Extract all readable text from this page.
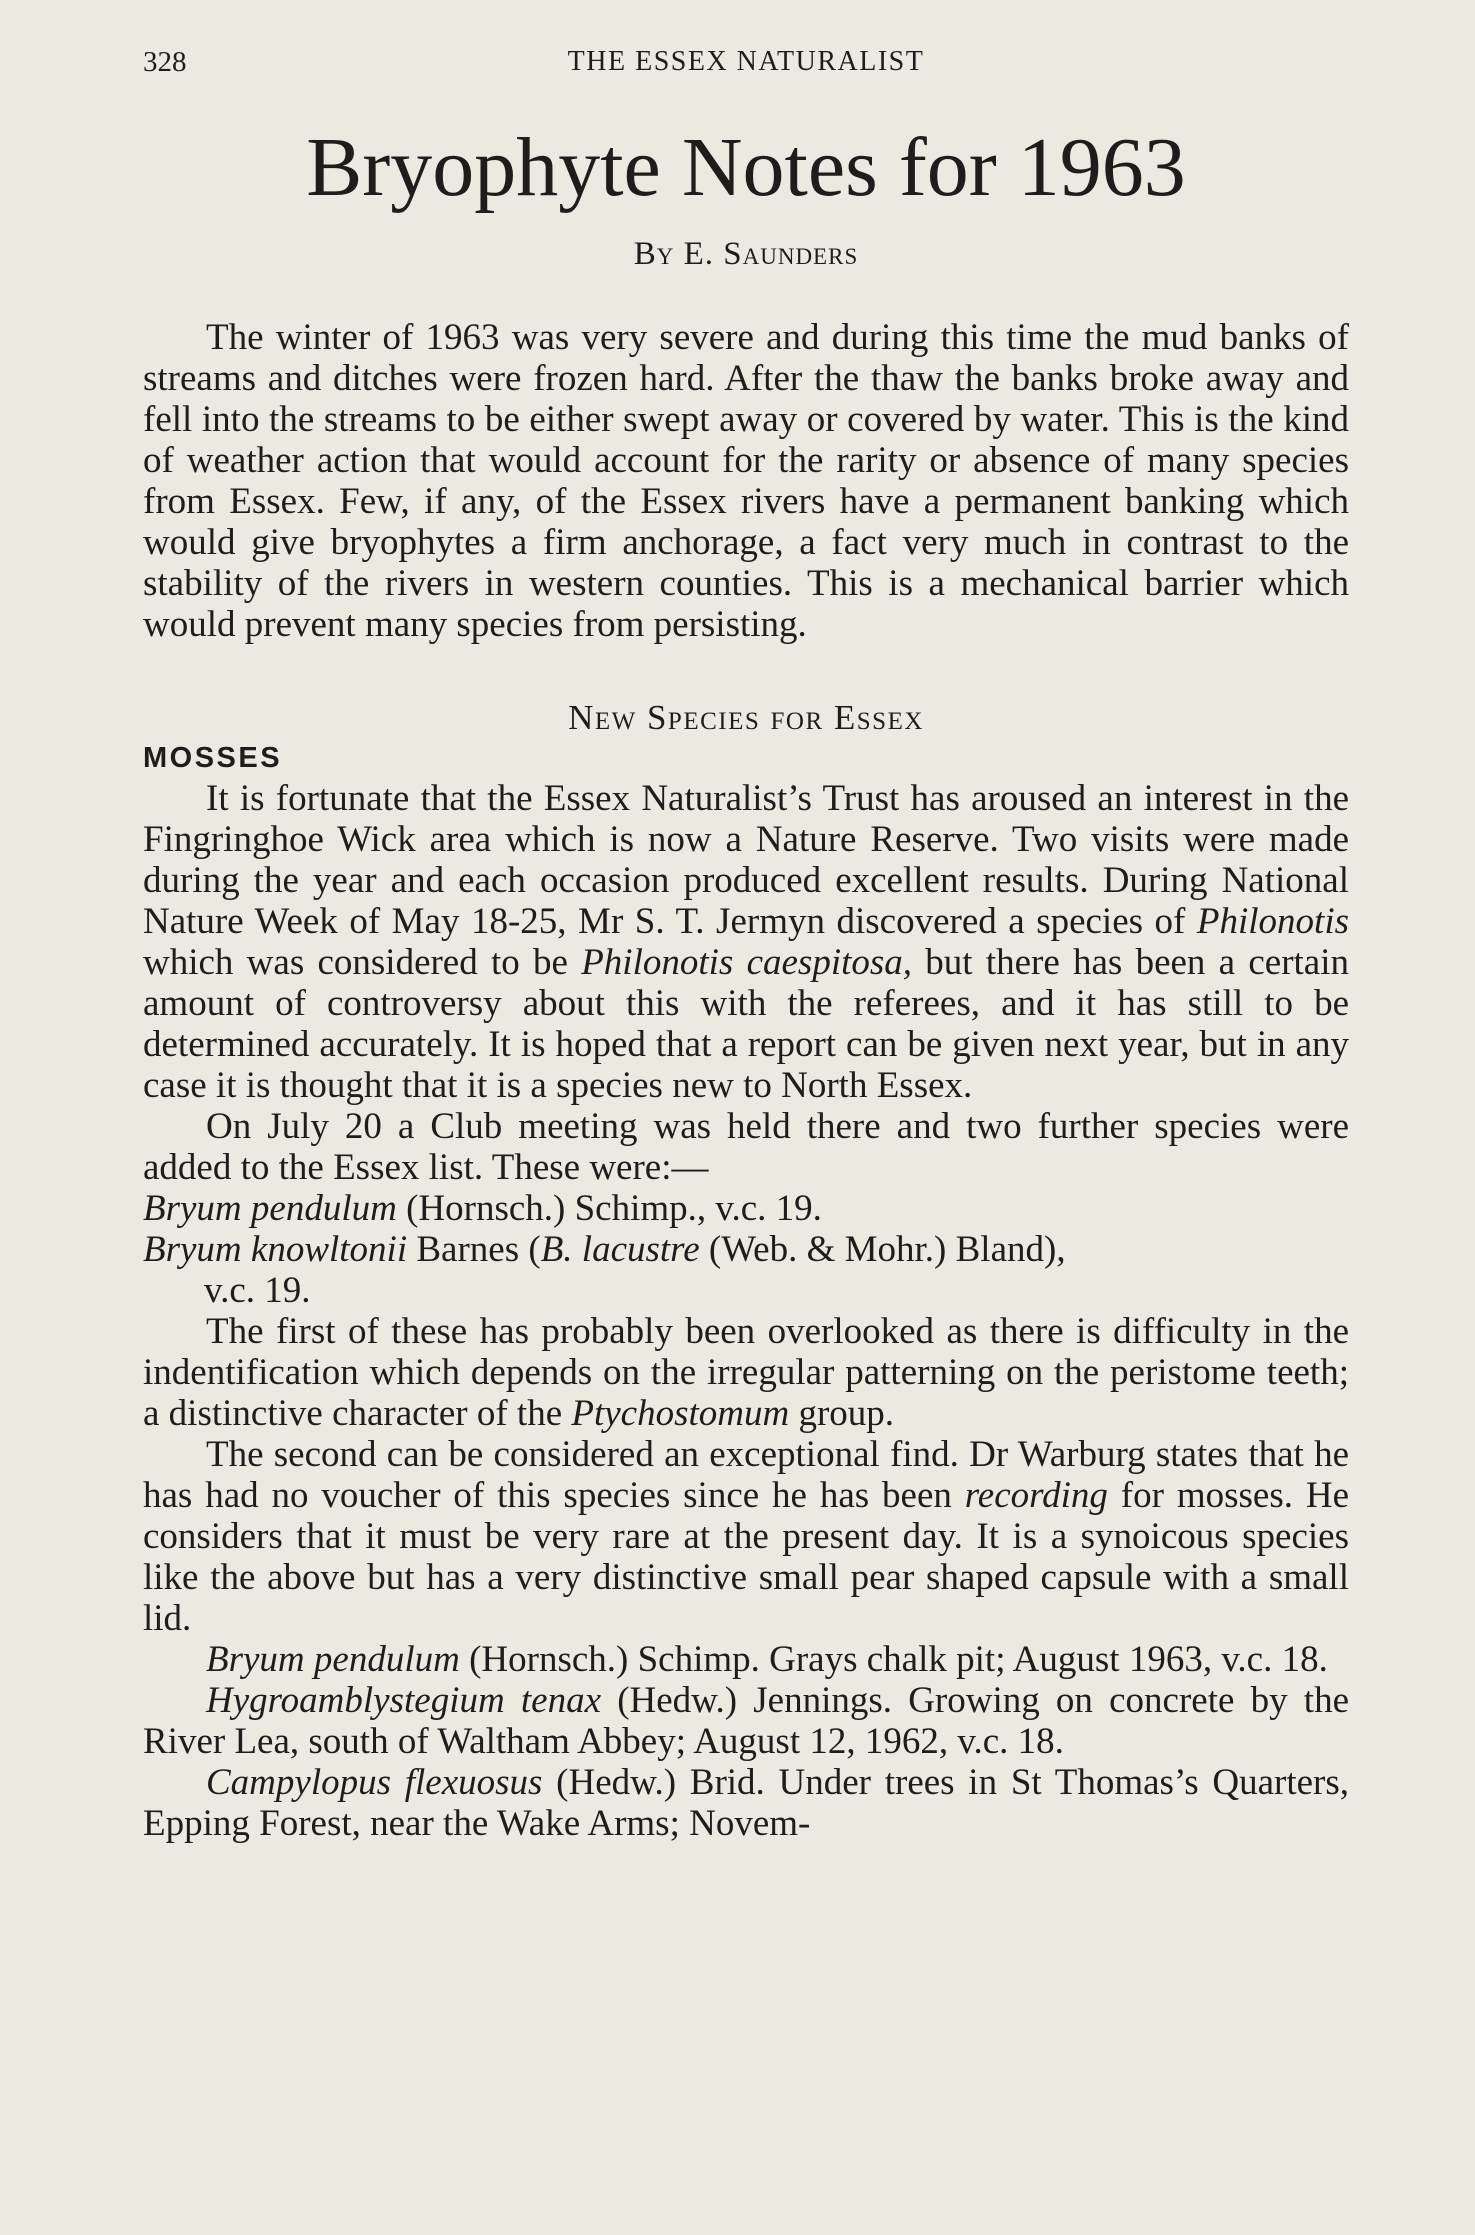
328	THE ESSEX NATURALIST
Bryophyte Notes for 1963
By E. Saunders

The winter of 1963 was very severe and during this time the mud banks of streams and ditches were frozen hard. After the thaw the banks broke away and fell into the streams to be either swept away or covered by water. This is the kind of weather action that would account for the rarity or absence of many species from Essex. Few, if any, of the Essex rivers have a permanent banking which would give bryophytes a firm anchorage, a fact very much in contrast to the stability of the rivers in western counties. This is a mechanical barrier which would prevent many species from persisting.

New Species for Essex
MOSSES

It is fortunate that the Essex Naturalist’s Trust has aroused an interest in the Fingringhoe Wick area which is now a Nature Reserve. Two visits were made during the year and each occasion produced excellent results. During National Nature Week of May 18-25, Mr S. T. Jermyn discovered a species of Philonotis which was considered to be Philonotis caespitosa, but there has been a certain amount of controversy about this with the referees, and it has still to be determined accurately. It is hoped that a report can be given next year, but in any case it is thought that it is a species new to North Essex.

On July 20 a Club meeting was held there and two further species were added to the Essex list. These were:—

Bryum pendulum (Hornsch.) Schimp., v.c. 19.

Bryum knowltonii Barnes (B. lacustre (Web. & Mohr.) Bland),
v.c. 19.

The first of these has probably been overlooked as there is difficulty in the indentification which depends on the irregular patterning on the peristome teeth; a distinctive character of the Ptychostomum group.

The second can be considered an exceptional find. Dr Warburg states that he has had no voucher of this species since he has been recording for mosses. He considers that it must be very rare at the present day. It is a synoicous species like the above but has a very distinctive small pear shaped capsule with a small lid.

Bryum pendulum (Hornsch.) Schimp. Grays chalk pit; August 1963, v.c. 18.

Hygroamblystegium tenax (Hedw.) Jennings. Growing on concrete by the River Lea, south of Waltham Abbey; August 12, 1962, v.c. 18.

Campylopus flexuosus (Hedw.) Brid. Under trees in St Thomas’s Quarters, Epping Forest, near the Wake Arms; Novem-
